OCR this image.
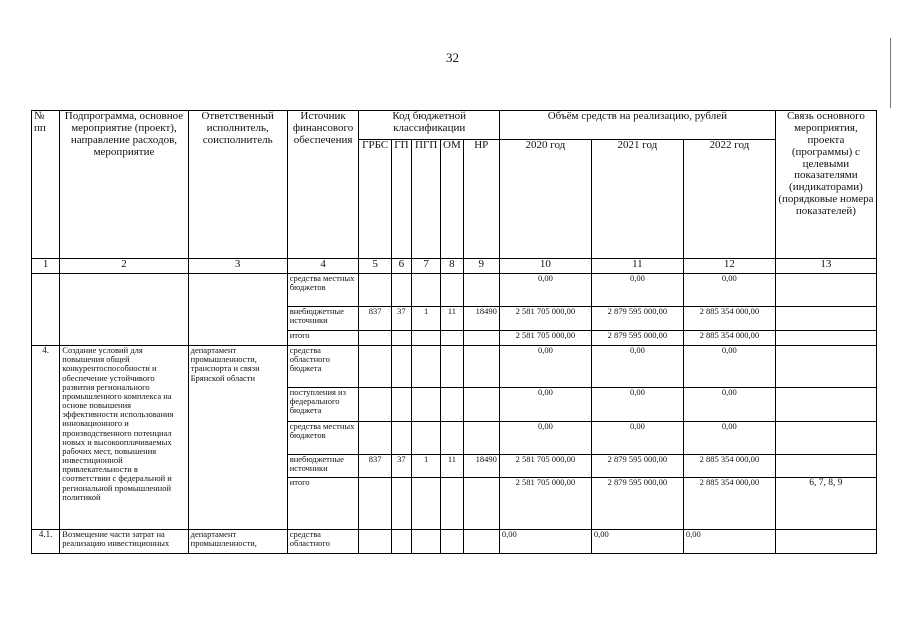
32
№ пп	Подпрограмма, основное мероприятие (проект), направление расходов, мероприятие	Ответственный исполнитель, соисполнитель	Источник финансового обеспечения	Код бюджетной классификации					Объём средств на реализацию, рублей			Связь основного мероприятия, проекта (программы) с целевыми показателями (индикаторами) (порядковые номера показателей)
				ГРБС	ГП	ПГП	ОМ	НР	2020 год	2021 год	2022 год	
1	2	3	4	5	6	7	8	9	10	11	12	13
			средства местных бюджетов						0,00	0,00	0,00	
			внебюджетные источники	837	37	1	11	18490	2 581 705 000,00	2 879 595 000,00	2 885 354 000,00	
			итого						2 581 705 000,00	2 879 595 000,00	2 885 354 000,00	
4.	Создание условий для повышения общей конкурентоспособности и обеспечение устойчивого развития регионального промышленного комплекса на основе повышения эффективности использования инновационного и производственного потенциал новых и высокооплачиваемых рабочих мест, повышения инвестиционной привлекательности в соответствии с федеральной и региональной промышленной политикой	департамент промышленности, транспорта и связи Брянской области	средства областного бюджета						0,00	0,00	0,00	
			поступления из федерального бюджета						0,00	0,00	0,00	
			средства местных бюджетов						0,00	0,00	0,00	
			внебюджетные источники	837	37	1	11	18490	2 581 705 000,00	2 879 595 000,00	2 885 354 000,00	
			итого						2 581 705 000,00	2 879 595 000,00	2 885 354 000,00	6, 7, 8, 9
4.1.	Возмещение части затрат на реализацию инвестиционных	департамент промышленности,	средства областного						0,00	0,00	0,00	
